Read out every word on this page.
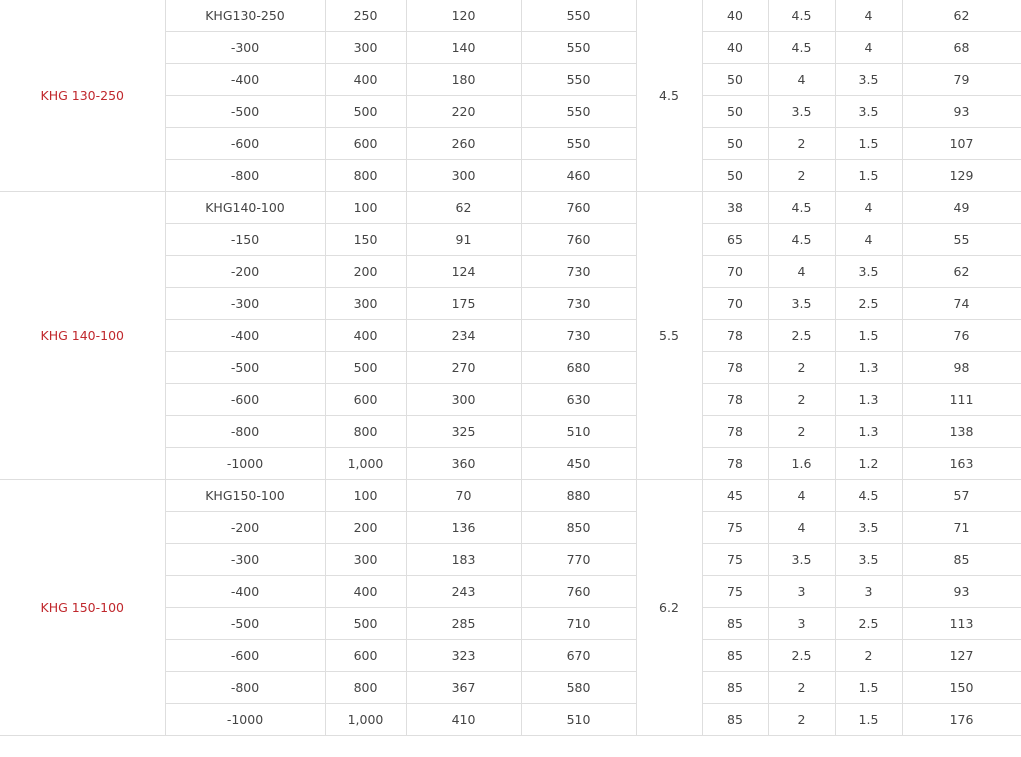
KHG 130-250	KHG130-250	250	120	550	4.5	40	4.5	4	62	
	-300	300	140	550		40	4.5	4	68	
	-400	400	180	550		50	4	3.5	79	
	-500	500	220	550		50	3.5	3.5	93	
	-600	600	260	550		50	2	1.5	107	
	-800	800	300	460		50	2	1.5	129	
KHG 140-100	KHG140-100	100	62	760	5.5	38	4.5	4	49	
	-150	150	91	760		65	4.5	4	55	
	-200	200	124	730		70	4	3.5	62	
	-300	300	175	730		70	3.5	2.5	74	
	-400	400	234	730		78	2.5	1.5	76	
	-500	500	270	680		78	2	1.3	98	
	-600	600	300	630		78	2	1.3	111	
	-800	800	325	510		78	2	1.3	138	
	-1000	1,000	360	450		78	1.6	1.2	163	
KHG 150-100	KHG150-100	100	70	880	6.2	45	4	4.5	57	
	-200	200	136	850		75	4	3.5	71	
	-300	300	183	770		75	3.5	3.5	85	
	-400	400	243	760		75	3	3	93	
	-500	500	285	710		85	3	2.5	113	
	-600	600	323	670		85	2.5	2	127	
	-800	800	367	580		85	2	1.5	150	
	-1000	1,000	410	510		85	2	1.5	176	
